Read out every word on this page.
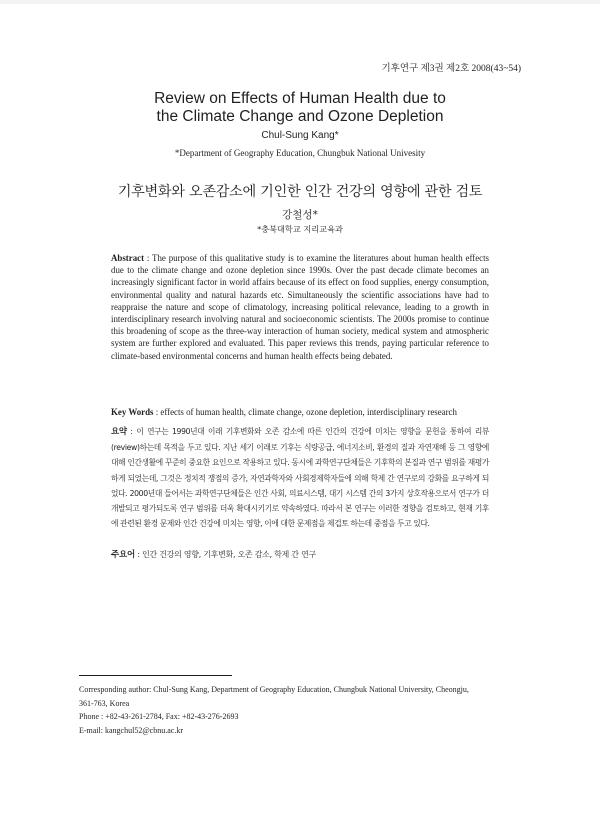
기후연구 제3권 제2호 2008(43~54)
Review on Effects of Human Health due to
the Climate Change and Ozone Depletion
Chul-Sung Kang*
*Department of Geography Education, Chungbuk National Univesity
기후변화와 오존감소에 기인한 인간 건강의 영향에 관한 검토
강철성*
*충북대학교 지리교육과

Abstract : The purpose of this qualitative study is to examine the literatures about human health effects due to the climate change and ozone depletion since 1990s. Over the past decade climate becomes an increasingly significant factor in world affairs because of its effect on food supplies, energy consumption, environmental quality and natural hazards etc. Simultaneously the scientific associations have had to reappraise the nature and scope of climatology, increasing political relevance, leading to a growth in interdisciplinary research involving natural and socioeconomic scientists. The 2000s promise to continue this broadening of scope as the three-way interaction of human society, medical system and atmospheric system are further explored and evaluated. This paper reviews this trends, paying particular reference to climate-based environmental concerns and human health effects being debated.

Key Words : effects of human health, climate change, ozone depletion, interdisciplinary research

요약 : 이 연구는 1990년대 이래 기후변화와 오존 감소에 따른 인간의 건강에 미치는 영향을 문헌을 통하여 리뷰(review)하는데 목적을 두고 있다. 지난 세기 이래로 기후는 식량공급, 에너지소비, 환경의 질과 자연재해 등 그 영향에 대해 인간생활에 꾸준히 중요한 요인으로 작용하고 있다. 동시에 과학연구단체들은 기후학의 본질과 연구 범위를 재평가하게 되었는데, 그것은 정치적 쟁점의 증가, 자연과학자와 사회경제학자들에 의해 학제 간 연구로의 강화를 요구하게 되었다. 2000년대 들어서는 과학연구단체들은 인간 사회, 의료시스템, 대기 시스템 간의 3가지 상호작용으로서 연구가 더 개발되고 평가되도록 연구 범위를 더욱 확대시키기로 약속하였다. 따라서 본 연구는 이러한 경향을 검토하고, 현재 기후에 관련된 환경 문제와 인간 건강에 미치는 영향, 이에 대한 문제점을 제겁토 하는데 중점을 두고 있다.

주요어 : 인간 건강의 영향, 기후변화, 오존 감소, 학제 간 연구

Corresponding author: Chul-Sung Kang, Department of Geography Education, Chungbuk National University, Cheongju,
361-763, Korea
Phone : +82-43-261-2784, Fax: +82-43-276-2693
E-mail: kangchul52@cbnu.ac.kr
